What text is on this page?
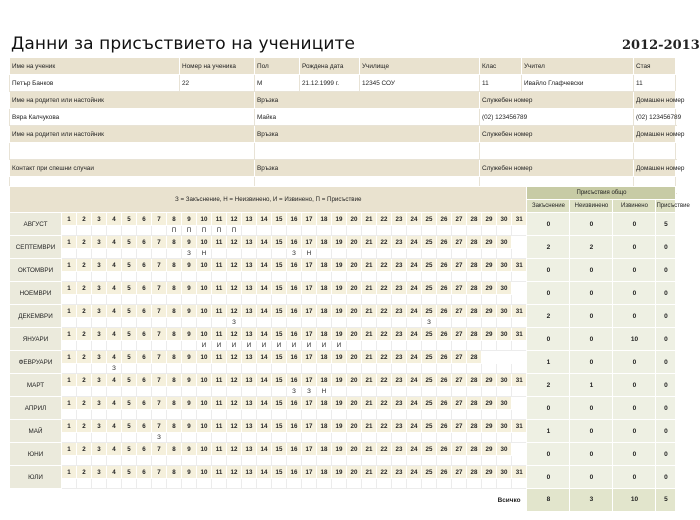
Данни за присъствието на учениците	2012-2013
Име на ученик	Номер на ученика	Пол	Рождена дата	Училище	Клас	Учител	Стая
Петър Банков	22	М	21.12.1999 г.	12345 СОУ	11	Ивайло Глафчевски	11
Име на родител или настойник		Връзка			Служебен номер		Домашен номер
Вяра Калчукова		Майка			(02) 123456789		(02) 123456789
Име на родител или настойник		Връзка			Служебен номер		Домашен номер

Контакт при спешни случаи		Връзка			Служебен номер		Домашен номер

З = Закъснение, Н = Неизвинено, И = Извинено, П = Присъствие																																Присъствия общо			
																																Закъснение	Неизвинено	Извинено	Присъствие
АВГУСТ	1	2	3	4	5	6	7	8	9	10	11	12	13	14	15	16	17	18	19	20	21	22	23	24	25	26	27	28	29	30	31	0	0	0	5
								П	П	П	П	П																							
СЕПТЕМВРИ	1	2	3	4	5	6	7	8	9	10	11	12	13	14	15	16	17	18	19	20	21	22	23	24	25	26	27	28	29	30		2	2	0	0
									З	Н						З	Н																		
ОКТОМВРИ	1	2	3	4	5	6	7	8	9	10	11	12	13	14	15	16	17	18	19	20	21	22	23	24	25	26	27	28	29	30	31	0	0	0	0

НОЕМВРИ	1	2	3	4	5	6	7	8	9	10	11	12	13	14	15	16	17	18	19	20	21	22	23	24	25	26	27	28	29	30		0	0	0	0

ДЕКЕМВРИ	1	2	3	4	5	6	7	8	9	10	11	12	13	14	15	16	17	18	19	20	21	22	23	24	25	26	27	28	29	30	31	2	0	0	0
												З													З										
ЯНУАРИ	1	2	3	4	5	6	7	8	9	10	11	12	13	14	15	16	17	18	19	20	21	22	23	24	25	26	27	28	29	30	31	0	0	10	0
										И	И	И	И	И	И	И	И	И	И																
ФЕВРУАРИ	1	2	3	4	5	6	7	8	9	10	11	12	13	14	15	16	17	18	19	20	21	22	23	24	25	26	27	28				1	0	0	0
				З																															
МАРТ	1	2	3	4	5	6	7	8	9	10	11	12	13	14	15	16	17	18	19	20	21	22	23	24	25	26	27	28	29	30	31	2	1	0	0
																З	З	Н																	
АПРИЛ	1	2	3	4	5	6	7	8	9	10	11	12	13	14	15	16	17	18	19	20	21	22	23	24	25	26	27	28	29	30		0	0	0	0

МАЙ	1	2	3	4	5	6	7	8	9	10	11	12	13	14	15	16	17	18	19	20	21	22	23	24	25	26	27	28	29	30	31	1	0	0	0
							З																												
ЮНИ	1	2	3	4	5	6	7	8	9	10	11	12	13	14	15	16	17	18	19	20	21	22	23	24	25	26	27	28	29	30		0	0	0	0

ЮЛИ	1	2	3	4	5	6	7	8	9	10	11	12	13	14	15	16	17	18	19	20	21	22	23	24	25	26	27	28	29	30	31	0	0	0	0

Всичко																																8	3	10	5
